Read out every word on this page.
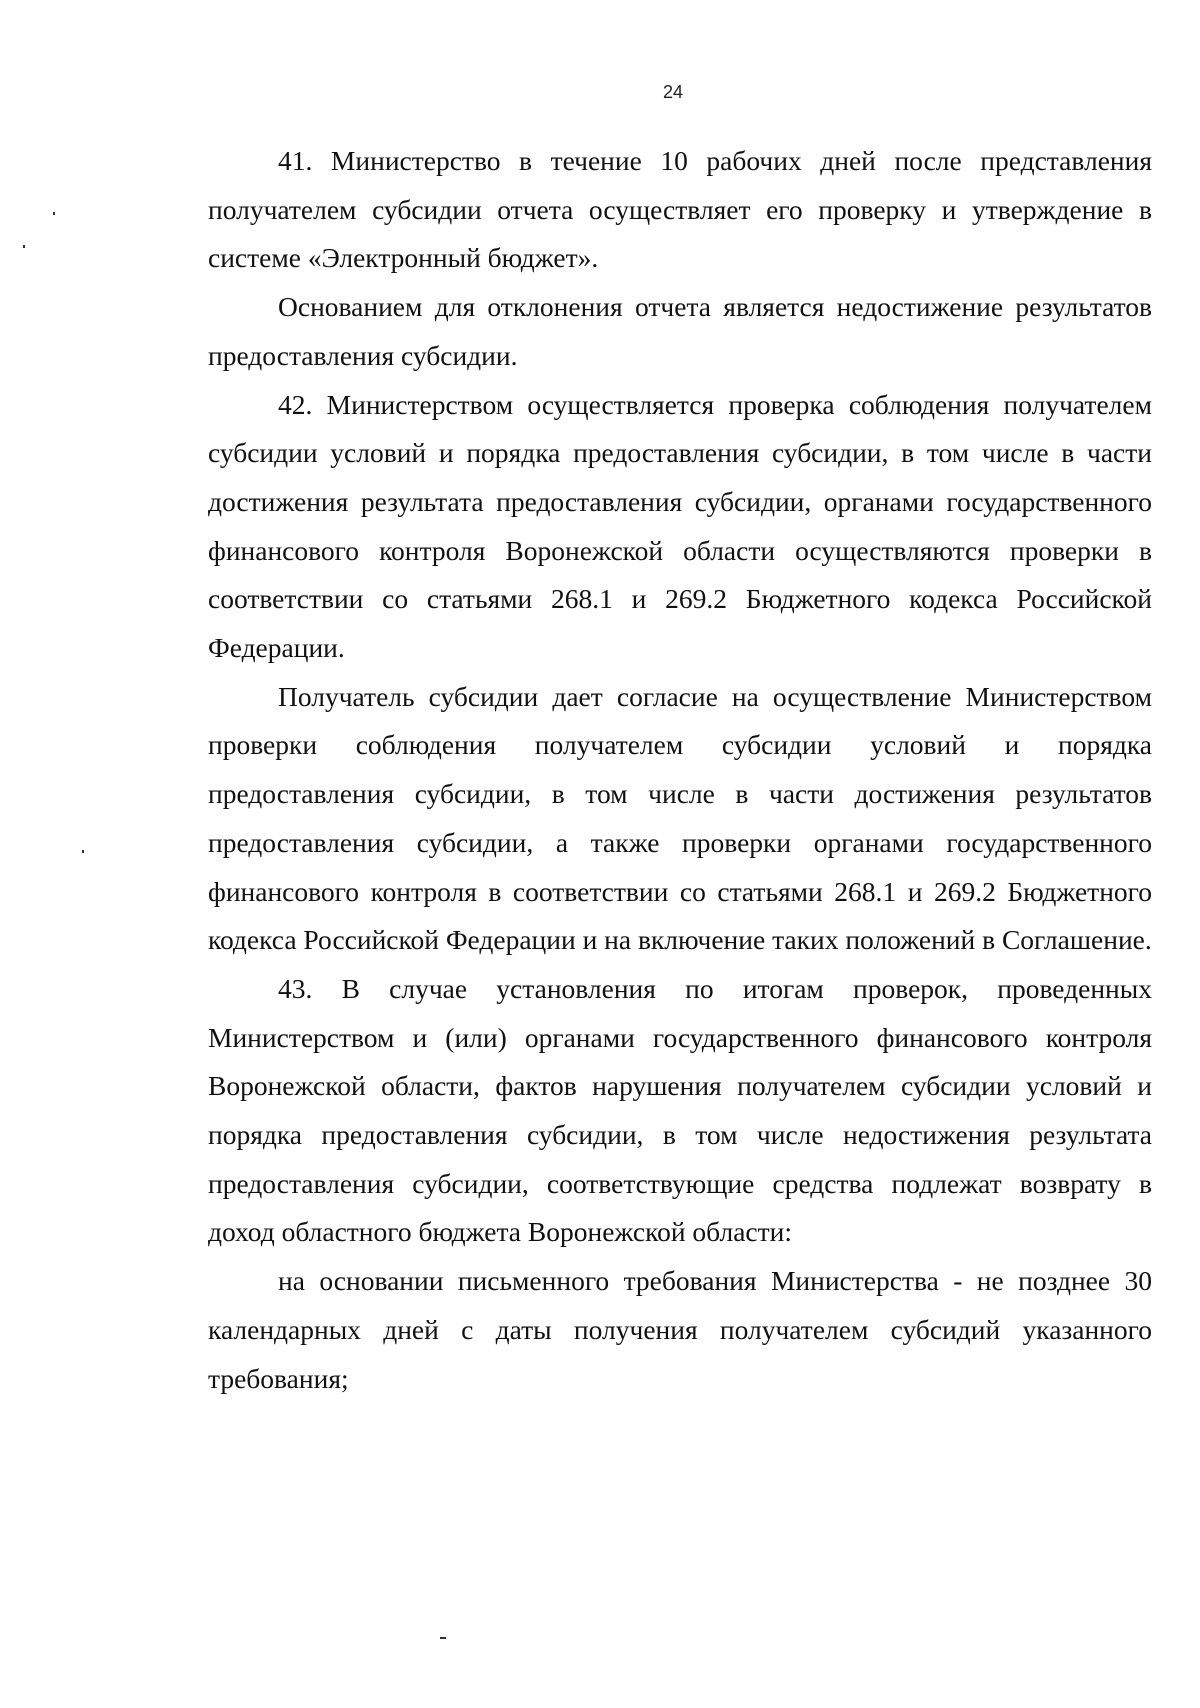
24

41. Министерство в течение 10 рабочих дней после представления получателем субсидии отчета осуществляет его проверку и утверждение в системе «Электронный бюджет».

Основанием для отклонения отчета является недостижение результатов предоставления субсидии.

42. Министерством осуществляется проверка соблюдения получателем субсидии условий и порядка предоставления субсидии, в том числе в части достижения результата предоставления субсидии, органами государственного финансового контроля Воронежской области осуществляются проверки в соответствии со статьями 268.1 и 269.2 Бюджетного кодекса Российской Федерации.

Получатель субсидии дает согласие на осуществление Министерством проверки соблюдения получателем субсидии условий и порядка предоставления субсидии, в том числе в части достижения результатов предоставления субсидии, а также проверки органами государственного финансового контроля в соответствии со статьями 268.1 и 269.2 Бюджетного кодекса Российской Федерации и на включение таких положений в Соглашение.

43. В случае установления по итогам проверок, проведенных Министерством и (или) органами государственного финансового контроля Воронежской области, фактов нарушения получателем субсидии условий и порядка предоставления субсидии, в том числе недостижения результата предоставления субсидии, соответствующие средства подлежат возврату в доход областного бюджета Воронежской области:

на основании письменного требования Министерства - не позднее 30 календарных дней с даты получения получателем субсидий указанного требования;
